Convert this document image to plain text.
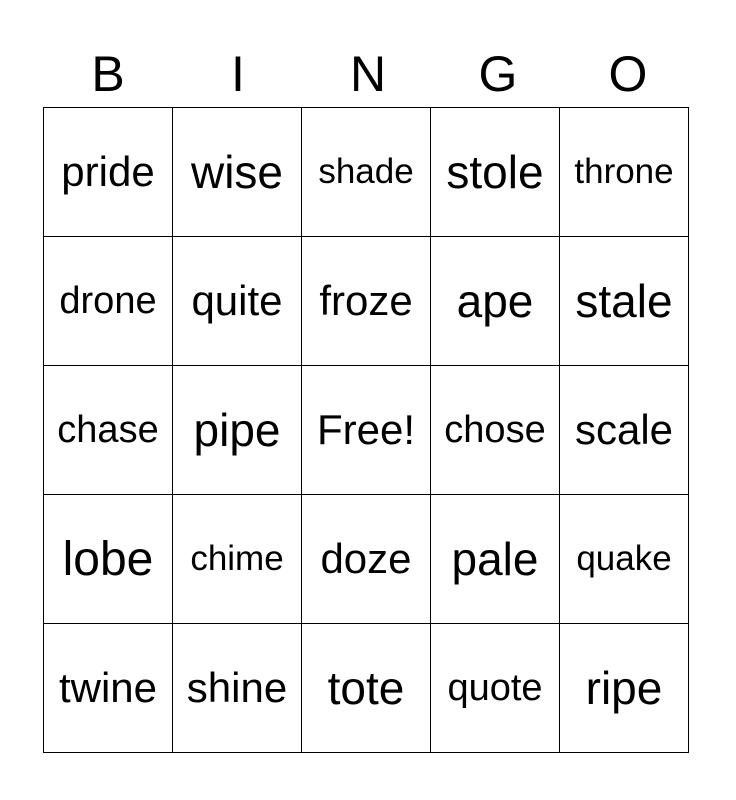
B	I	N	G	O
pride	wise	shade	stole	throne
drone	quite	froze	ape	stale
chase	pipe	Free!	chose	scale
lobe	chime	doze	pale	quake
twine	shine	tote	quote	ripe
